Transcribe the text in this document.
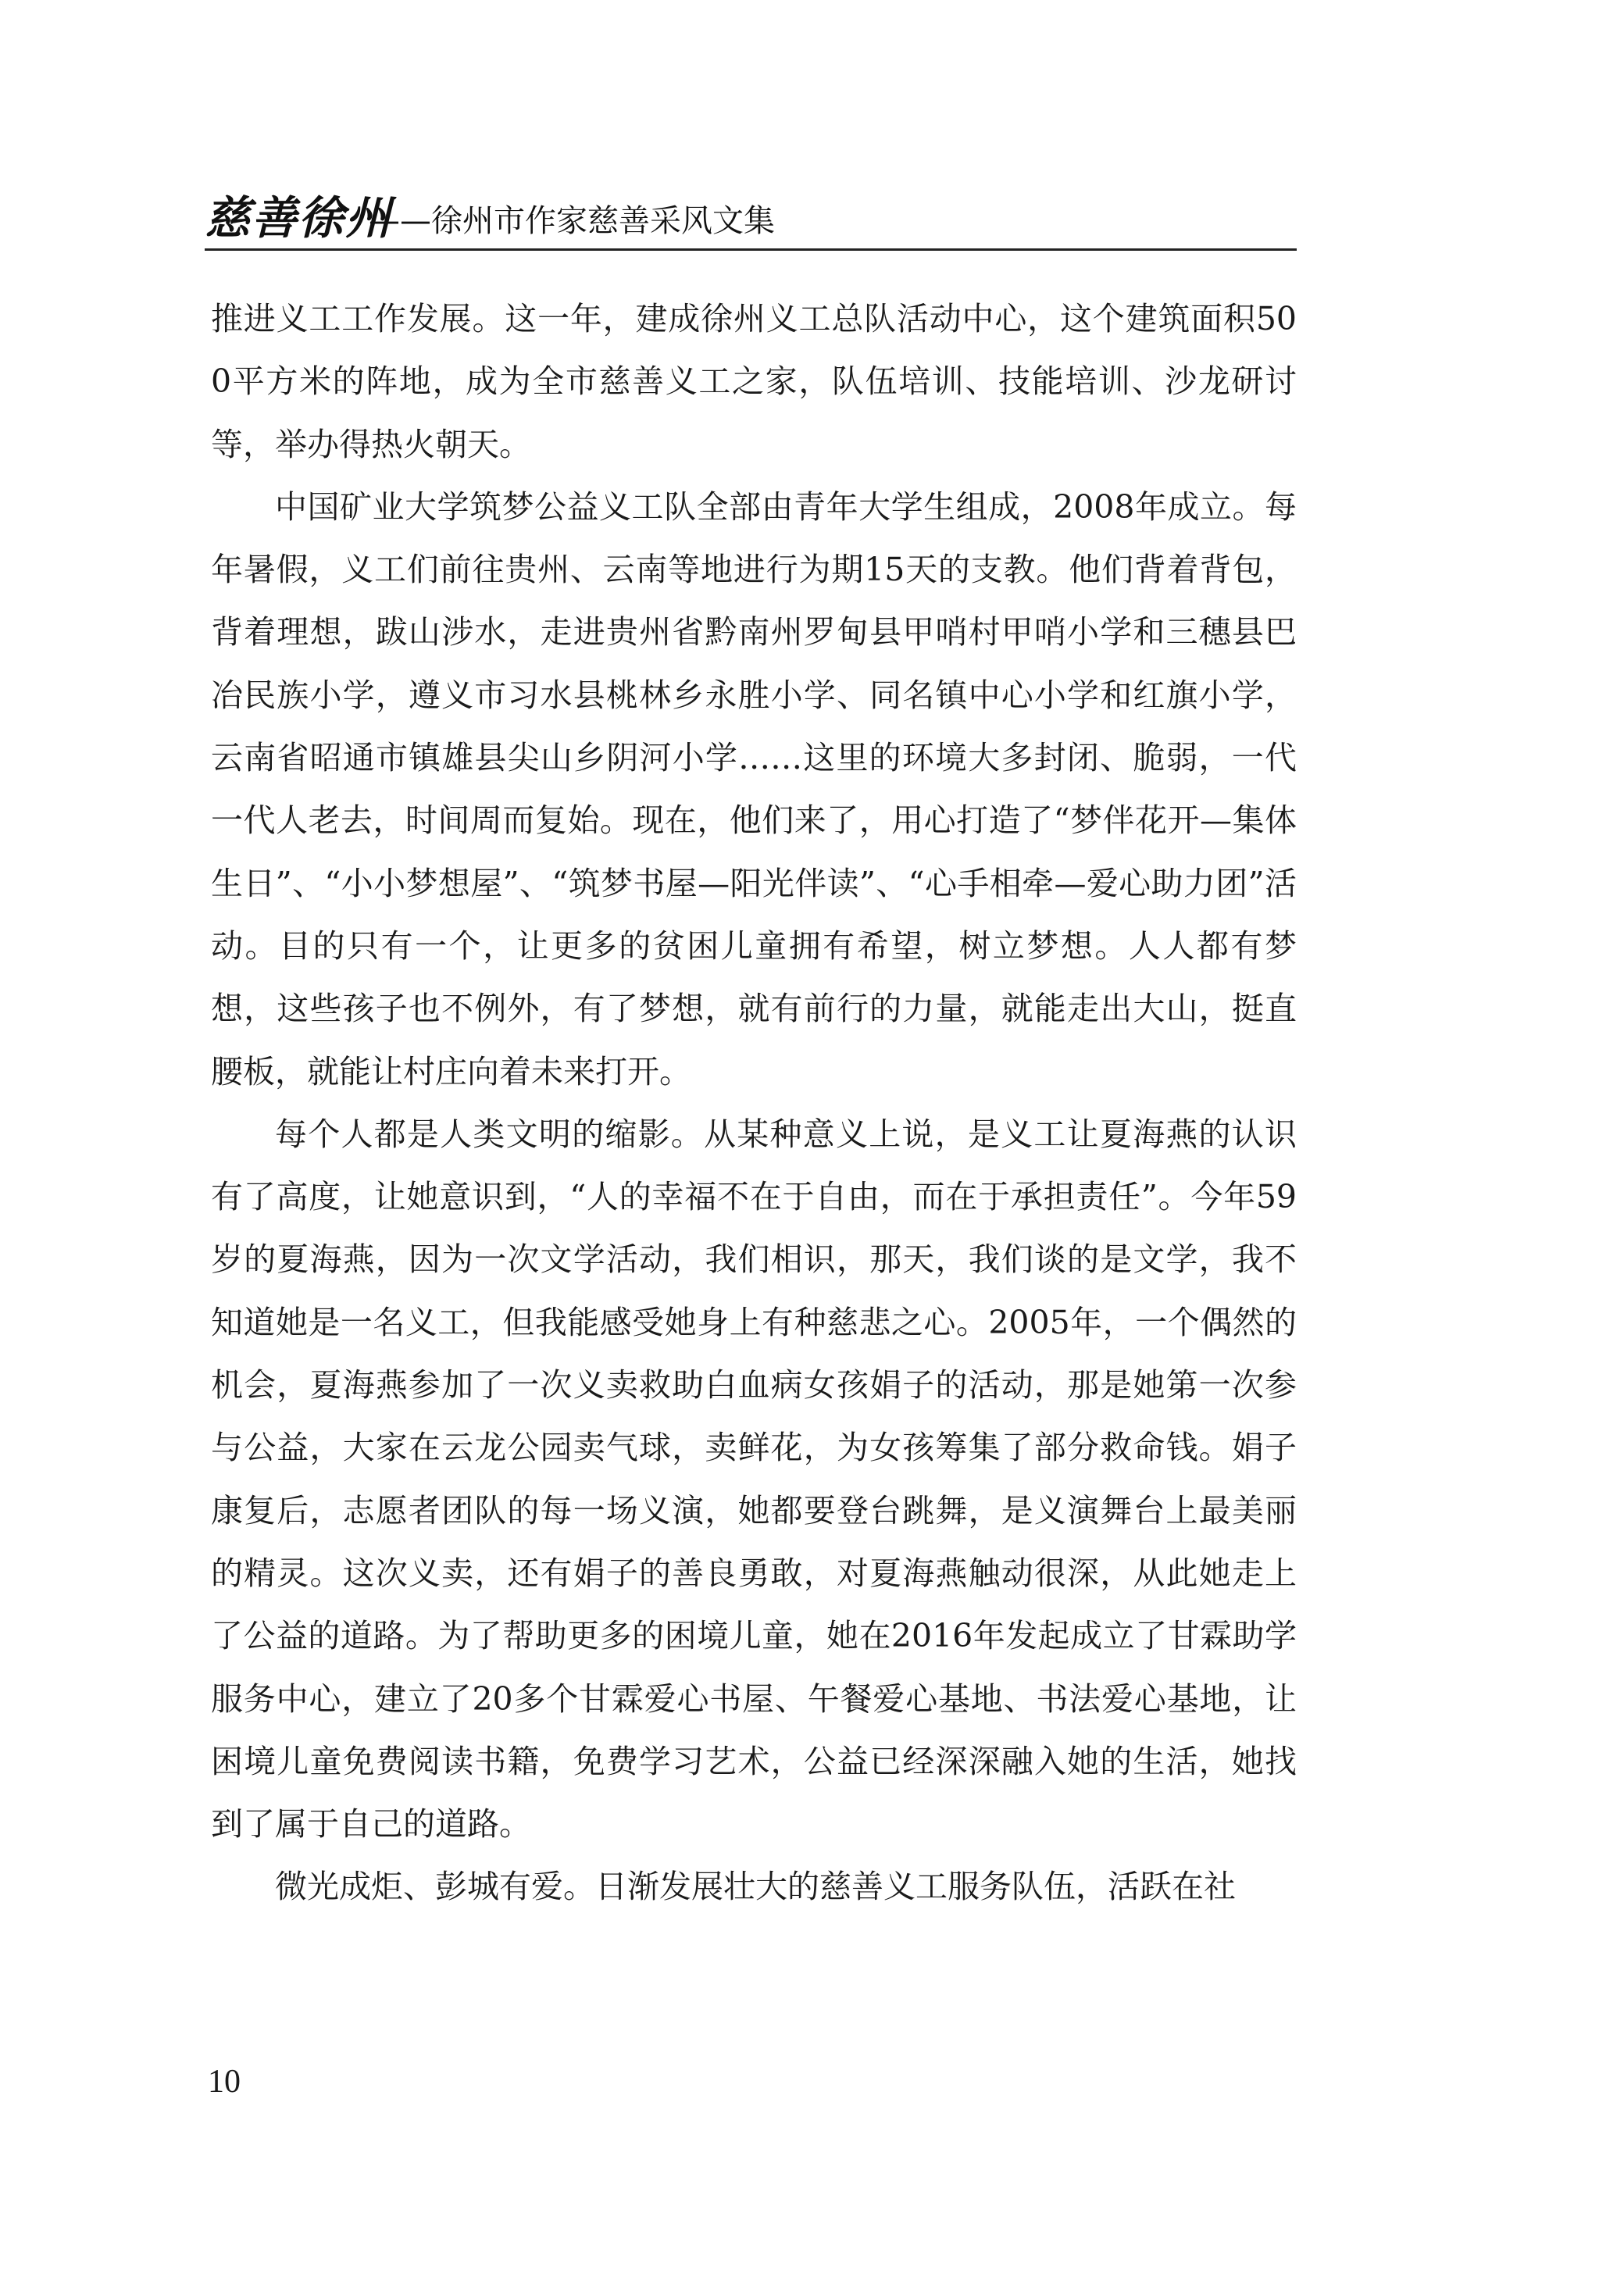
慈善徐州
——徐州市作家慈善采风文集

推进义工工作发展。这一年，建成徐州义工总队活动中心，这个建筑面积500平方米的阵地，成为全市慈善义工之家，队伍培训、技能培训、沙龙研讨等，举办得热火朝天。

中国矿业大学筑梦公益义工队全部由青年大学生组成，2008年成立。每年暑假，义工们前往贵州、云南等地进行为期15天的支教。他们背着背包，背着理想，跋山涉水，走进贵州省黔南州罗甸县甲哨村甲哨小学和三穗县巴冶民族小学，遵义市习水县桃林乡永胜小学、同名镇中心小学和红旗小学，云南省昭通市镇雄县尖山乡阴河小学……这里的环境大多封闭、脆弱，一代一代人老去，时间周而复始。现在，他们来了，用心打造了“梦伴花开—集体生日”、“小小梦想屋”、“筑梦书屋—阳光伴读”、“心手相牵—爱心助力团”活动。目的只有一个，让更多的贫困儿童拥有希望，树立梦想。人人都有梦想，这些孩子也不例外，有了梦想，就有前行的力量，就能走出大山，挺直腰板，就能让村庄向着未来打开。

每个人都是人类文明的缩影。从某种意义上说，是义工让夏海燕的认识有了高度，让她意识到，“人的幸福不在于自由，而在于承担责任”。今年59岁的夏海燕，因为一次文学活动，我们相识，那天，我们谈的是文学，我不知道她是一名义工，但我能感受她身上有种慈悲之心。2005年，一个偶然的机会，夏海燕参加了一次义卖救助白血病女孩娟子的活动，那是她第一次参与公益，大家在云龙公园卖气球，卖鲜花，为女孩筹集了部分救命钱。娟子康复后，志愿者团队的每一场义演，她都要登台跳舞，是义演舞台上最美丽的精灵。这次义卖，还有娟子的善良勇敢，对夏海燕触动很深，从此她走上了公益的道路。为了帮助更多的困境儿童，她在2016年发起成立了甘霖助学服务中心，建立了20多个甘霖爱心书屋、午餐爱心基地、书法爱心基地，让困境儿童免费阅读书籍，免费学习艺术，公益已经深深融入她的生活，她找到了属于自己的道路。

微光成炬、彭城有爱。日渐发展壮大的慈善义工服务队伍，活跃在社

10
